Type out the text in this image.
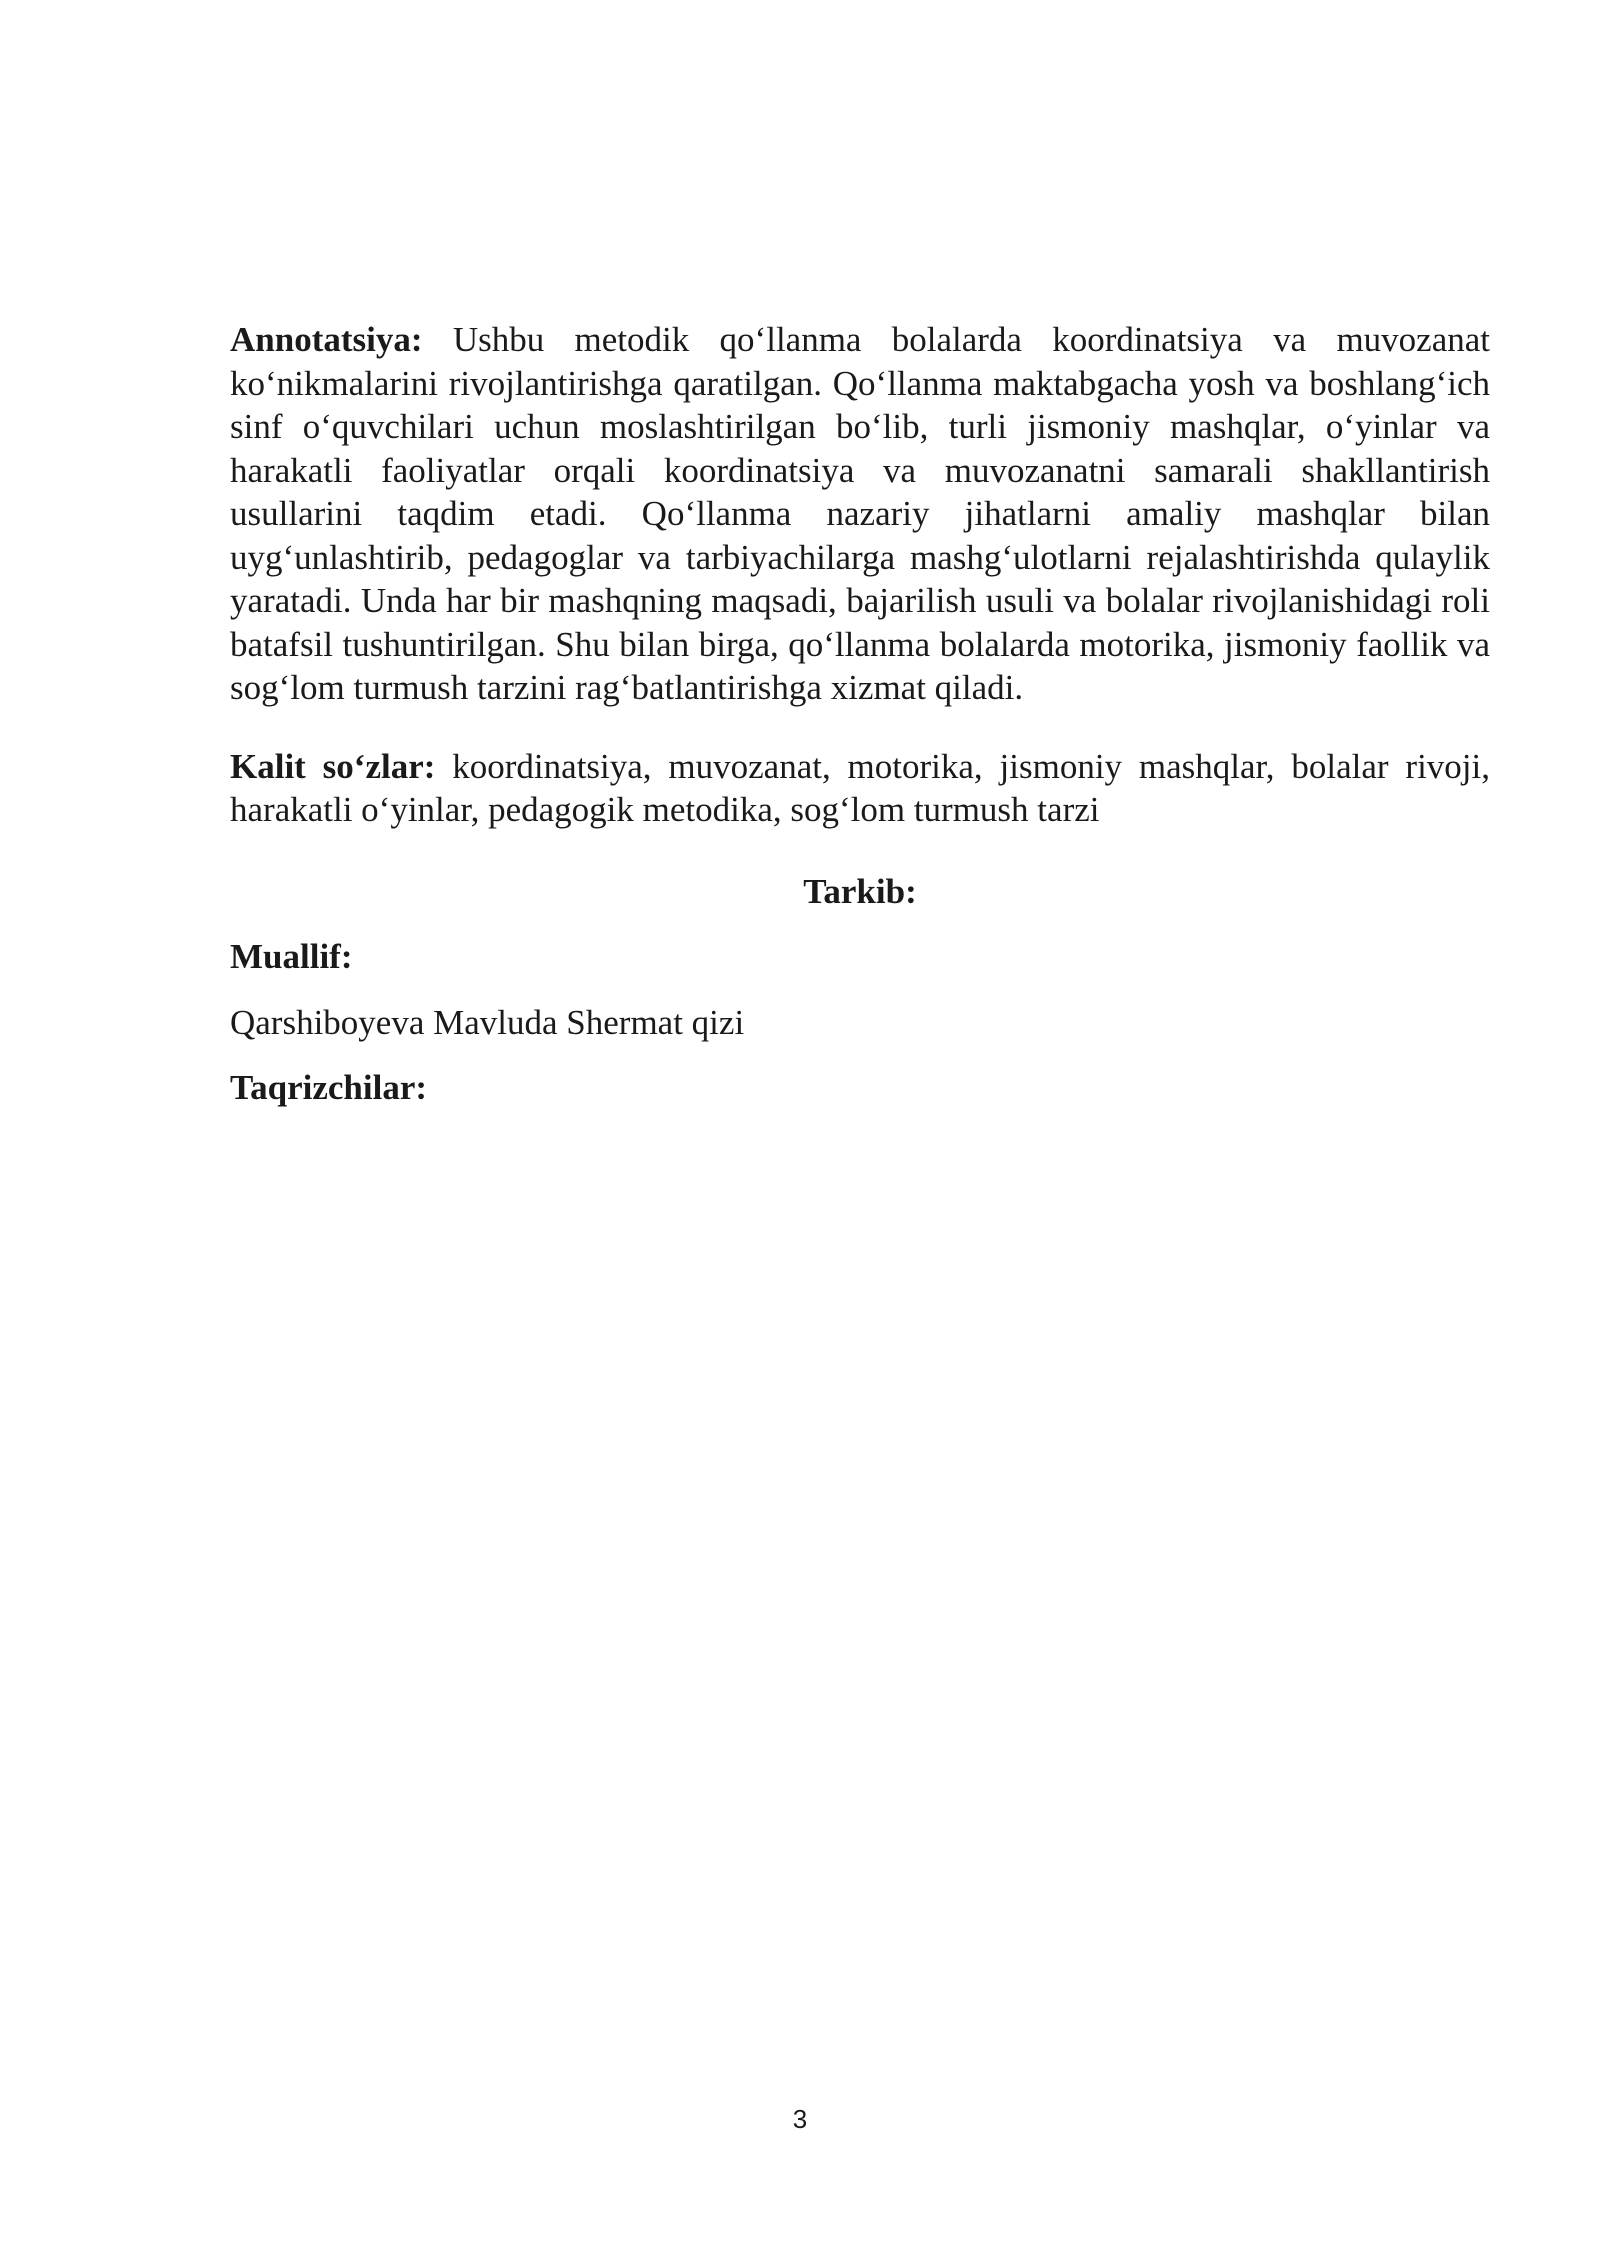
Annotatsiya: Ushbu metodik qo‘llanma bolalarda koordinatsiya va muvozanat ko‘nikmalarini rivojlantirishga qaratilgan. Qo‘llanma maktabgacha yosh va boshlang‘ich sinf o‘quvchilari uchun moslashtirilgan bo‘lib, turli jismoniy mashqlar, o‘yinlar va harakatli faoliyatlar orqali koordinatsiya va muvozanatni samarali shakllantirish usullarini taqdim etadi. Qo‘llanma nazariy jihatlarni amaliy mashqlar bilan uyg‘unlashtirib, pedagoglar va tarbiyachilarga mashg‘ulotlarni rejalashtirishda qulaylik yaratadi. Unda har bir mashqning maqsadi, bajarilish usuli va bolalar rivojlanishidagi roli batafsil tushuntirilgan. Shu bilan birga, qo‘llanma bolalarda motorika, jismoniy faollik va sog‘lom turmush tarzini rag‘batlantirishga xizmat qiladi.

Kalit so‘zlar: koordinatsiya, muvozanat, motorika, jismoniy mashqlar, bolalar rivoji, harakatli o‘yinlar, pedagogik metodika, sog‘lom turmush tarzi

Tarkib:
Muallif:
Qarshiboyeva Mavluda Shermat qizi
Taqrizchilar:
3
